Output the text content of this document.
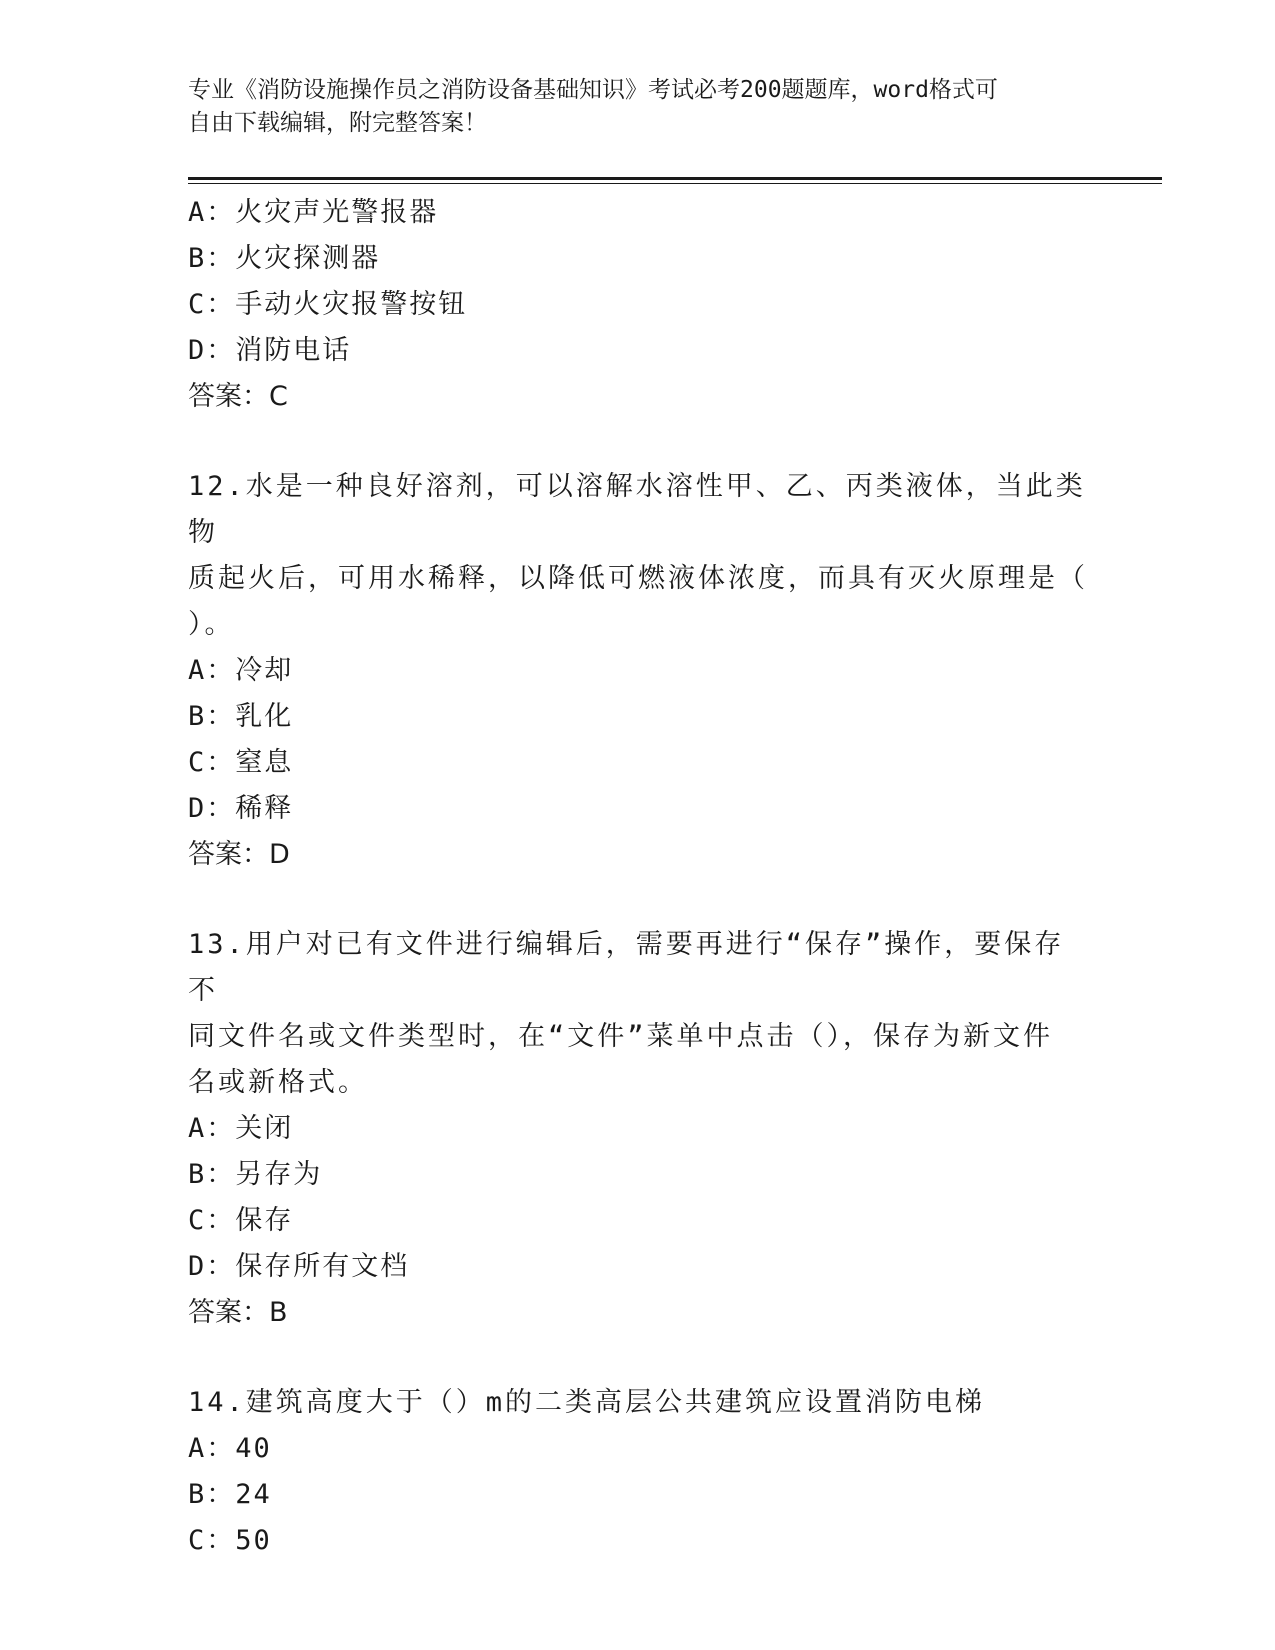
专业《消防设施操作员之消防设备基础知识》考试必考200题题库，word格式可
自由下载编辑，附完整答案！
A：火灾声光警报器
B：火灾探测器
C：手动火灾报警按钮
D：消防电话
答案：C
12.水是一种良好溶剂，可以溶解水溶性甲、乙、丙类液体，当此类物
质起火后，可用水稀释，以降低可燃液体浓度，而具有灭火原理是（
）。
A：冷却
B：乳化
C：窒息
D：稀释
答案：D
13.用户对已有文件进行编辑后，需要再进行“保存”操作，要保存不
同文件名或文件类型时，在“文件”菜单中点击（），保存为新文件
名或新格式。
A：关闭
B：另存为
C：保存
D：保存所有文档
答案：B
14.建筑高度大于（）m的二类高层公共建筑应设置消防电梯
A：40
B：24
C：50
